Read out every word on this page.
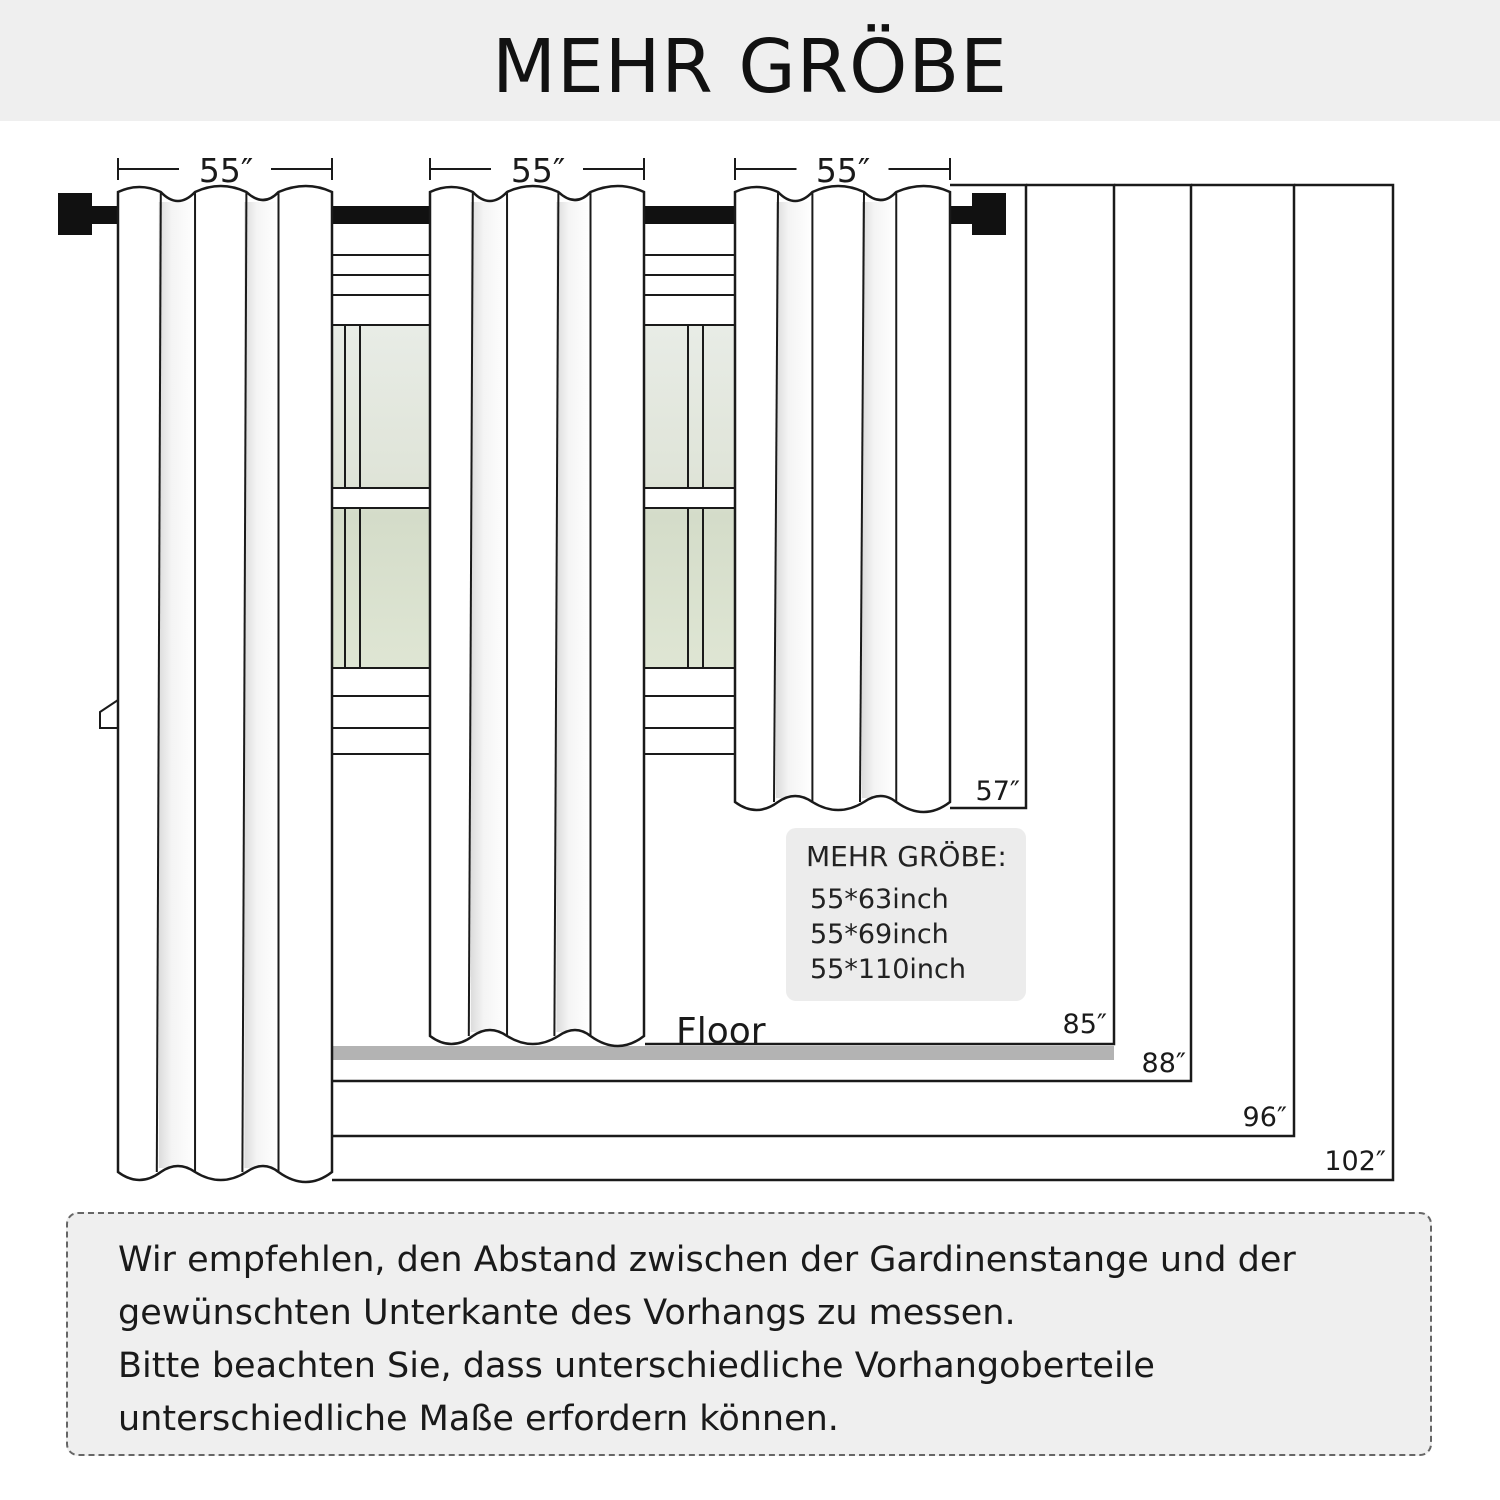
MEHR GRÖBE
55″	55″	55″
57″
85″
88″
96″
102″
Floor
MEHR GRÖBE:
55*63inch
55*69inch
55*110inch

Wir empfehlen, den Abstand zwischen der Gardinenstange und der gewünschten Unterkante des Vorhangs zu messen.

Bitte beachten Sie, dass unterschiedliche Vorhangoberteile unterschiedliche Maße erfordern können.
